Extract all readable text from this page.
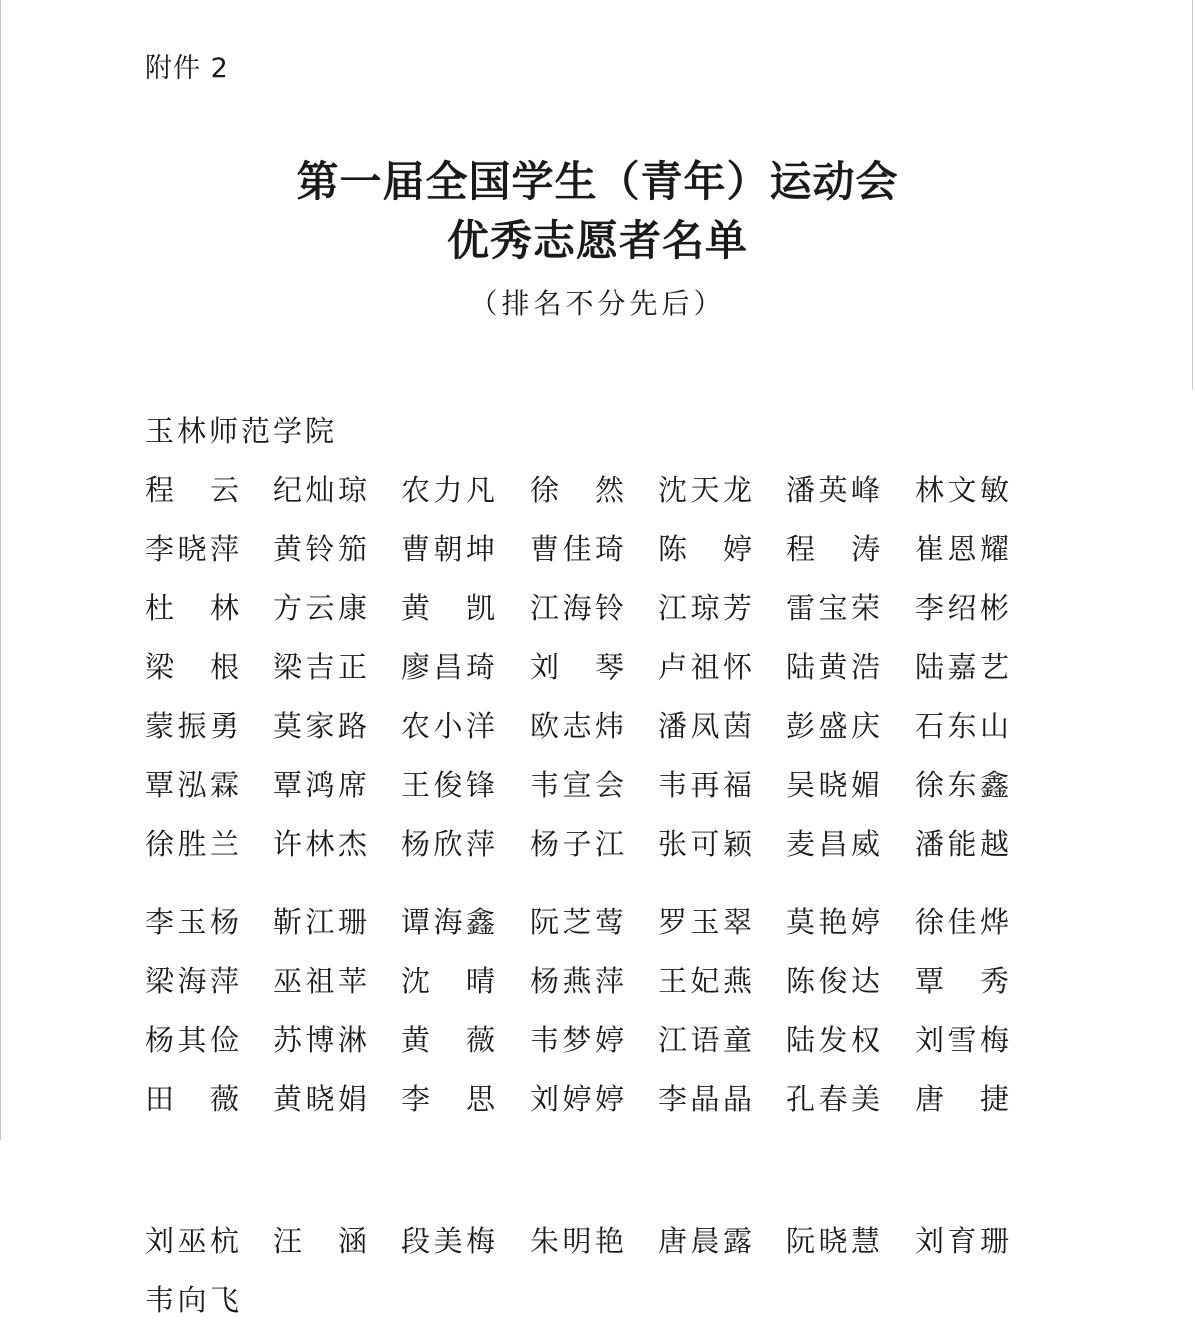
附件 2
第一届全国学生（青年）运动会
优秀志愿者名单
（排名不分先后）
玉林师范学院
程 云 纪 灿 琼 农 力 凡 徐 然 沈 天 龙 潘 英 峰 林 文 敏
李 晓 萍 黄 铃 笳 曹 朝 坤 曹 佳 琦 陈 婷 程 涛 崔 恩 耀
杜 林 方 云 康 黄 凯 江 海 铃 江 琼 芳 雷 宝 荣 李 绍 彬
梁 根 梁 吉 正 廖 昌 琦 刘 琴 卢 祖 怀 陆 黄 浩 陆 嘉 艺
蒙 振 勇 莫 家 路 农 小 洋 欧 志 炜 潘 凤 茵 彭 盛 庆 石 东 山
覃 泓 霖 覃 鸿 席 王 俊 锋 韦 宣 会 韦 再 福 吴 晓 媚 徐 东 鑫
徐 胜 兰 许 林 杰 杨 欣 萍 杨 子 江 张 可 颖 麦 昌 威 潘 能 越
李 玉 杨 靳 江 珊 谭 海 鑫 阮 芝 莺 罗 玉 翠 莫 艳 婷 徐 佳 烨
梁 海 萍 巫 祖 苹 沈 晴 杨 燕 萍 王 妃 燕 陈 俊 达 覃 秀
杨 其 俭 苏 博 淋 黄 薇 韦 梦 婷 江 语 童 陆 发 权 刘 雪 梅
田 薇 黄 晓 娟 李 思 刘 婷 婷 李 晶 晶 孔 春 美 唐 捷
刘 巫 杭 汪 涵 段 美 梅 朱 明 艳 唐 晨 露 阮 晓 慧 刘 育 珊
韦 向 飞
